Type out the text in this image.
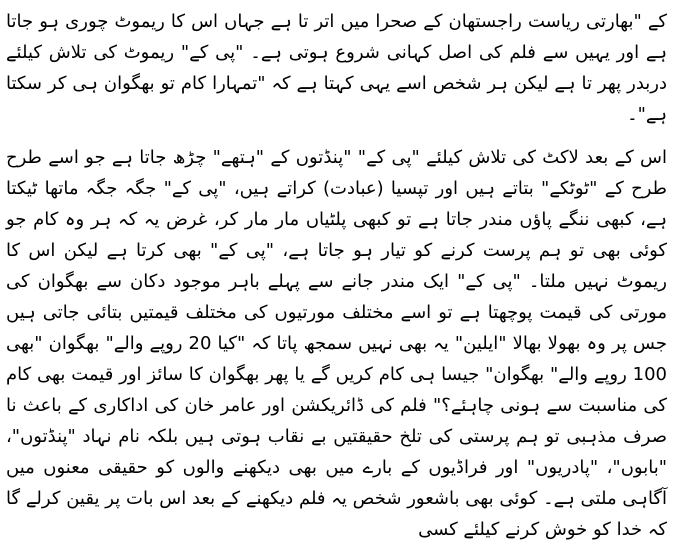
کے "بھارتی ریاست راجستھان کے صحرا میں اتر تا ہے جہاں اس کا ریموٹ چوری ہو جاتا ہے اور یہیں سے فلم کی اصل کہانی شروع ہوتی ہے۔ "پی کے" ریموٹ کی تلاش کیلئے دربدر پھر تا ہے لیکن ہر شخص اسے یہی کہتا ہے کہ "تمہارا کام تو بھگوان ہی کر سکتا ہے"۔

اس کے بعد لاکٹ کی تلاش کیلئے "پی کے" "پنڈتوں کے "ہتھے" چڑھ جاتا ہے جو اسے طرح طرح کے "ٹوٹکے" بتاتے ہیں اور تپسیا (عبادت) کراتے ہیں، "پی کے" جگہ جگہ ماتھا ٹیکتا ہے، کبھی ننگے پاؤں مندر جاتا ہے تو کبھی پلٹیاں مار مار کر، غرض یہ کہ ہر وہ کام جو کوئی بھی تو ہم پرست کرنے کو تیار ہو جاتا ہے، "پی کے" بھی کرتا ہے لیکن اس کا ریموٹ نہیں ملتا۔ "پی کے" ایک مندر جانے سے پہلے باہر موجود دکان سے بھگوان کی مورتی کی قیمت پوچھتا ہے تو اسے مختلف مورتیوں کی مختلف قیمتیں بتائی جاتی ہیں جس پر وہ بھولا بھالا "ایلین" یہ بھی نہیں سمجھ پاتا کہ "کیا 20 روپے والے" بھگوان "بھی 100 روپے والے" بھگوان" جیسا ہی کام کریں گے یا پھر بھگوان کا سائز اور قیمت بھی کام کی مناسبت سے ہونی چاہئے؟" فلم کی ڈائریکشن اور عامر خان کی اداکاری کے باعث نا صرف مذہبی تو ہم پرستی کی تلخ حقیقتیں بے نقاب ہوتی ہیں بلکہ نام نہاد "پنڈتوں"، "بابوں"، "پادریوں" اور فراڈیوں کے بارے میں بھی دیکھنے والوں کو حقیقی معنوں میں آگاہی ملتی ہے۔ کوئی بھی باشعور شخص یہ فلم دیکھنے کے بعد اس بات پر یقین کرلے گا کہ خدا کو خوش کرنے کیلئے کسی
